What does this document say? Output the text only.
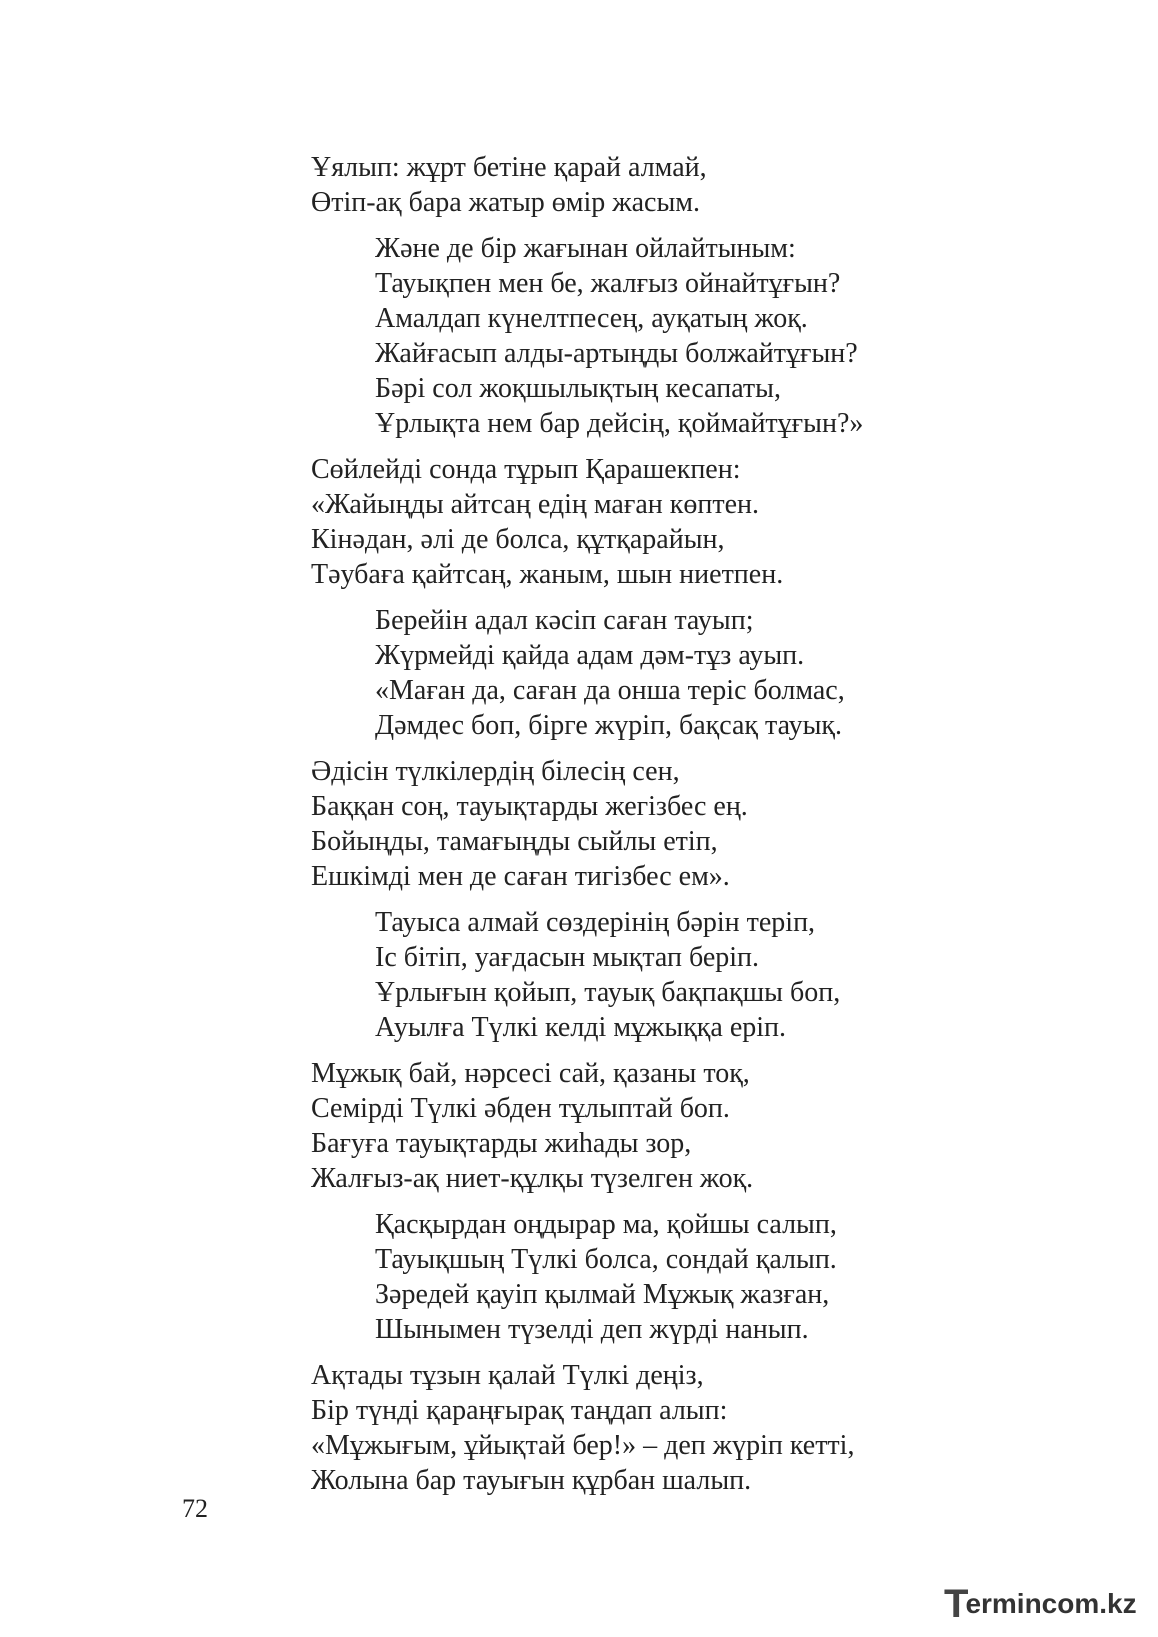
Ұялып: жұрт бетіне қарай алмай,
Өтіп-ақ бара жатыр өмір жасым.
Және де бір жағынан ойлайтыным:
Тауықпен мен бе, жалғыз ойнайтұғын?
Амалдап күнелтпесең, ауқатың жоқ.
Жайғасып алды-артыңды болжайтұғын?
Бәрі сол жоқшылықтың кесапаты,
Ұрлықта нем бар дейсің, қоймайтұғын?»
Сөйлейді сонда тұрып Қарашекпен:
«Жайыңды айтсаң едің маған көптен.
Кінәдан, әлі де болса, құтқарайын,
Тәубаға қайтсаң, жаным, шын ниетпен.
Берейін адал кәсіп саған тауып;
Жүрмейді қайда адам дәм-тұз ауып.
«Маған да, саған да онша теріс болмас,
Дәмдес боп, бірге жүріп, бақсақ тауық.
Әдісін түлкілердің білесің сен,
Баққан соң, тауықтарды жегізбес ең.
Бойыңды, тамағыңды сыйлы етіп,
Ешкімді мен де саған тигізбес ем».
Тауыса алмай сөздерінің бәрін теріп,
Іс бітіп, уағдасын мықтап беріп.
Ұрлығын қойып, тауық бақпақшы боп,
Ауылға Түлкі келді мұжыққа еріп.
Мұжық бай, нәрсесі сай, қазаны тоқ,
Семірді Түлкі әбден тұлыптай боп.
Бағуға тауықтарды жиһады зор,
Жалғыз-ақ ниет-құлқы түзелген жоқ.
Қасқырдан оңдырар ма, қойшы салып,
Тауықшың Түлкі болса, сондай қалып.
Зәредей қауіп қылмай Мұжық жазған,
Шынымен түзелді деп жүрді нанып.
Ақтады тұзын қалай Түлкі деңіз,
Бір түнді қараңғырақ таңдап алып:
«Мұжығым, ұйықтай бер!» – деп жүріп кетті,
Жолына бар тауығын құрбан шалып.
72
T
ermincom.kz
